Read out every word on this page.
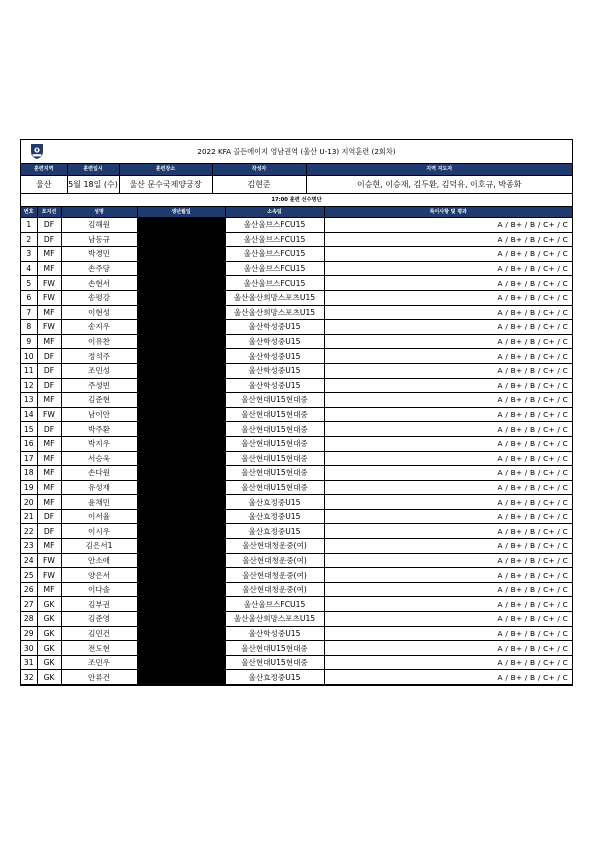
2022 KFA 골든에이지 영남권역 (울산 U-13) 지역훈련 (2회차)
훈련지역	훈련일시	훈련장소	작성자	지역 지도자
울산	5월 18일 (수)	울산 문수국제양궁장	김현준	이승현, 이승재, 김두환, 김덕유, 이호규, 박종화
17:00 훈련 선수명단					
번호	포지션	성명	생년월일	소속팀	특이사항 및 평과
1	DF	김해원		울산울브스FCU15	A / B+ / B / C+ / C
2	DF	남동규		울산울브스FCU15	A / B+ / B / C+ / C
3	MF	박경민		울산울브스FCU15	A / B+ / B / C+ / C
4	MF	손주당		울산울브스FCU15	A / B+ / B / C+ / C
5	FW	손현서		울산울브스FCU15	A / B+ / B / C+ / C
6	FW	송평강		울산울산희망스포츠U15	A / B+ / B / C+ / C
7	MF	이현성		울산울산희망스포츠U15	A / B+ / B / C+ / C
8	FW	송지우		울산학성중U15	A / B+ / B / C+ / C
9	MF	이유찬		울산학성중U15	A / B+ / B / C+ / C
10	DF	정석주		울산학성중U15	A / B+ / B / C+ / C
11	DF	조민성		울산학성중U15	A / B+ / B / C+ / C
12	DF	주성빈		울산학성중U15	A / B+ / B / C+ / C
13	MF	김준현		울산현대U15현대중	A / B+ / B / C+ / C
14	FW	남이안		울산현대U15현대중	A / B+ / B / C+ / C
15	DF	박주환		울산현대U15현대중	A / B+ / B / C+ / C
16	MF	박지우		울산현대U15현대중	A / B+ / B / C+ / C
17	MF	서승욱		울산현대U15현대중	A / B+ / B / C+ / C
18	MF	손다원		울산현대U15현대중	A / B+ / B / C+ / C
19	MF	유성재		울산현대U15현대중	A / B+ / B / C+ / C
20	MF	윤채민		울산효정중U15	A / B+ / B / C+ / C
21	DF	이서율		울산효정중U15	A / B+ / B / C+ / C
22	DF	이시우		울산효정중U15	A / B+ / B / C+ / C
23	MF	김은서1		울산현대청운중(여)	A / B+ / B / C+ / C
24	FW	안소애		울산현대청운중(여)	A / B+ / B / C+ / C
25	FW	양은서		울산현대청운중(여)	A / B+ / B / C+ / C
26	MF	이다솔		울산현대청운중(여)	A / B+ / B / C+ / C
27	GK	김부권		울산울브스FCU15	A / B+ / B / C+ / C
28	GK	김준영		울산울산희망스포츠U15	A / B+ / B / C+ / C
29	GK	김민건		울산학성중U15	A / B+ / B / C+ / C
30	GK	전도현		울산현대U15현대중	A / B+ / B / C+ / C
31	GK	조민우		울산현대U15현대중	A / B+ / B / C+ / C
32	GK	안류건		울산효정중U15	A / B+ / B / C+ / C
